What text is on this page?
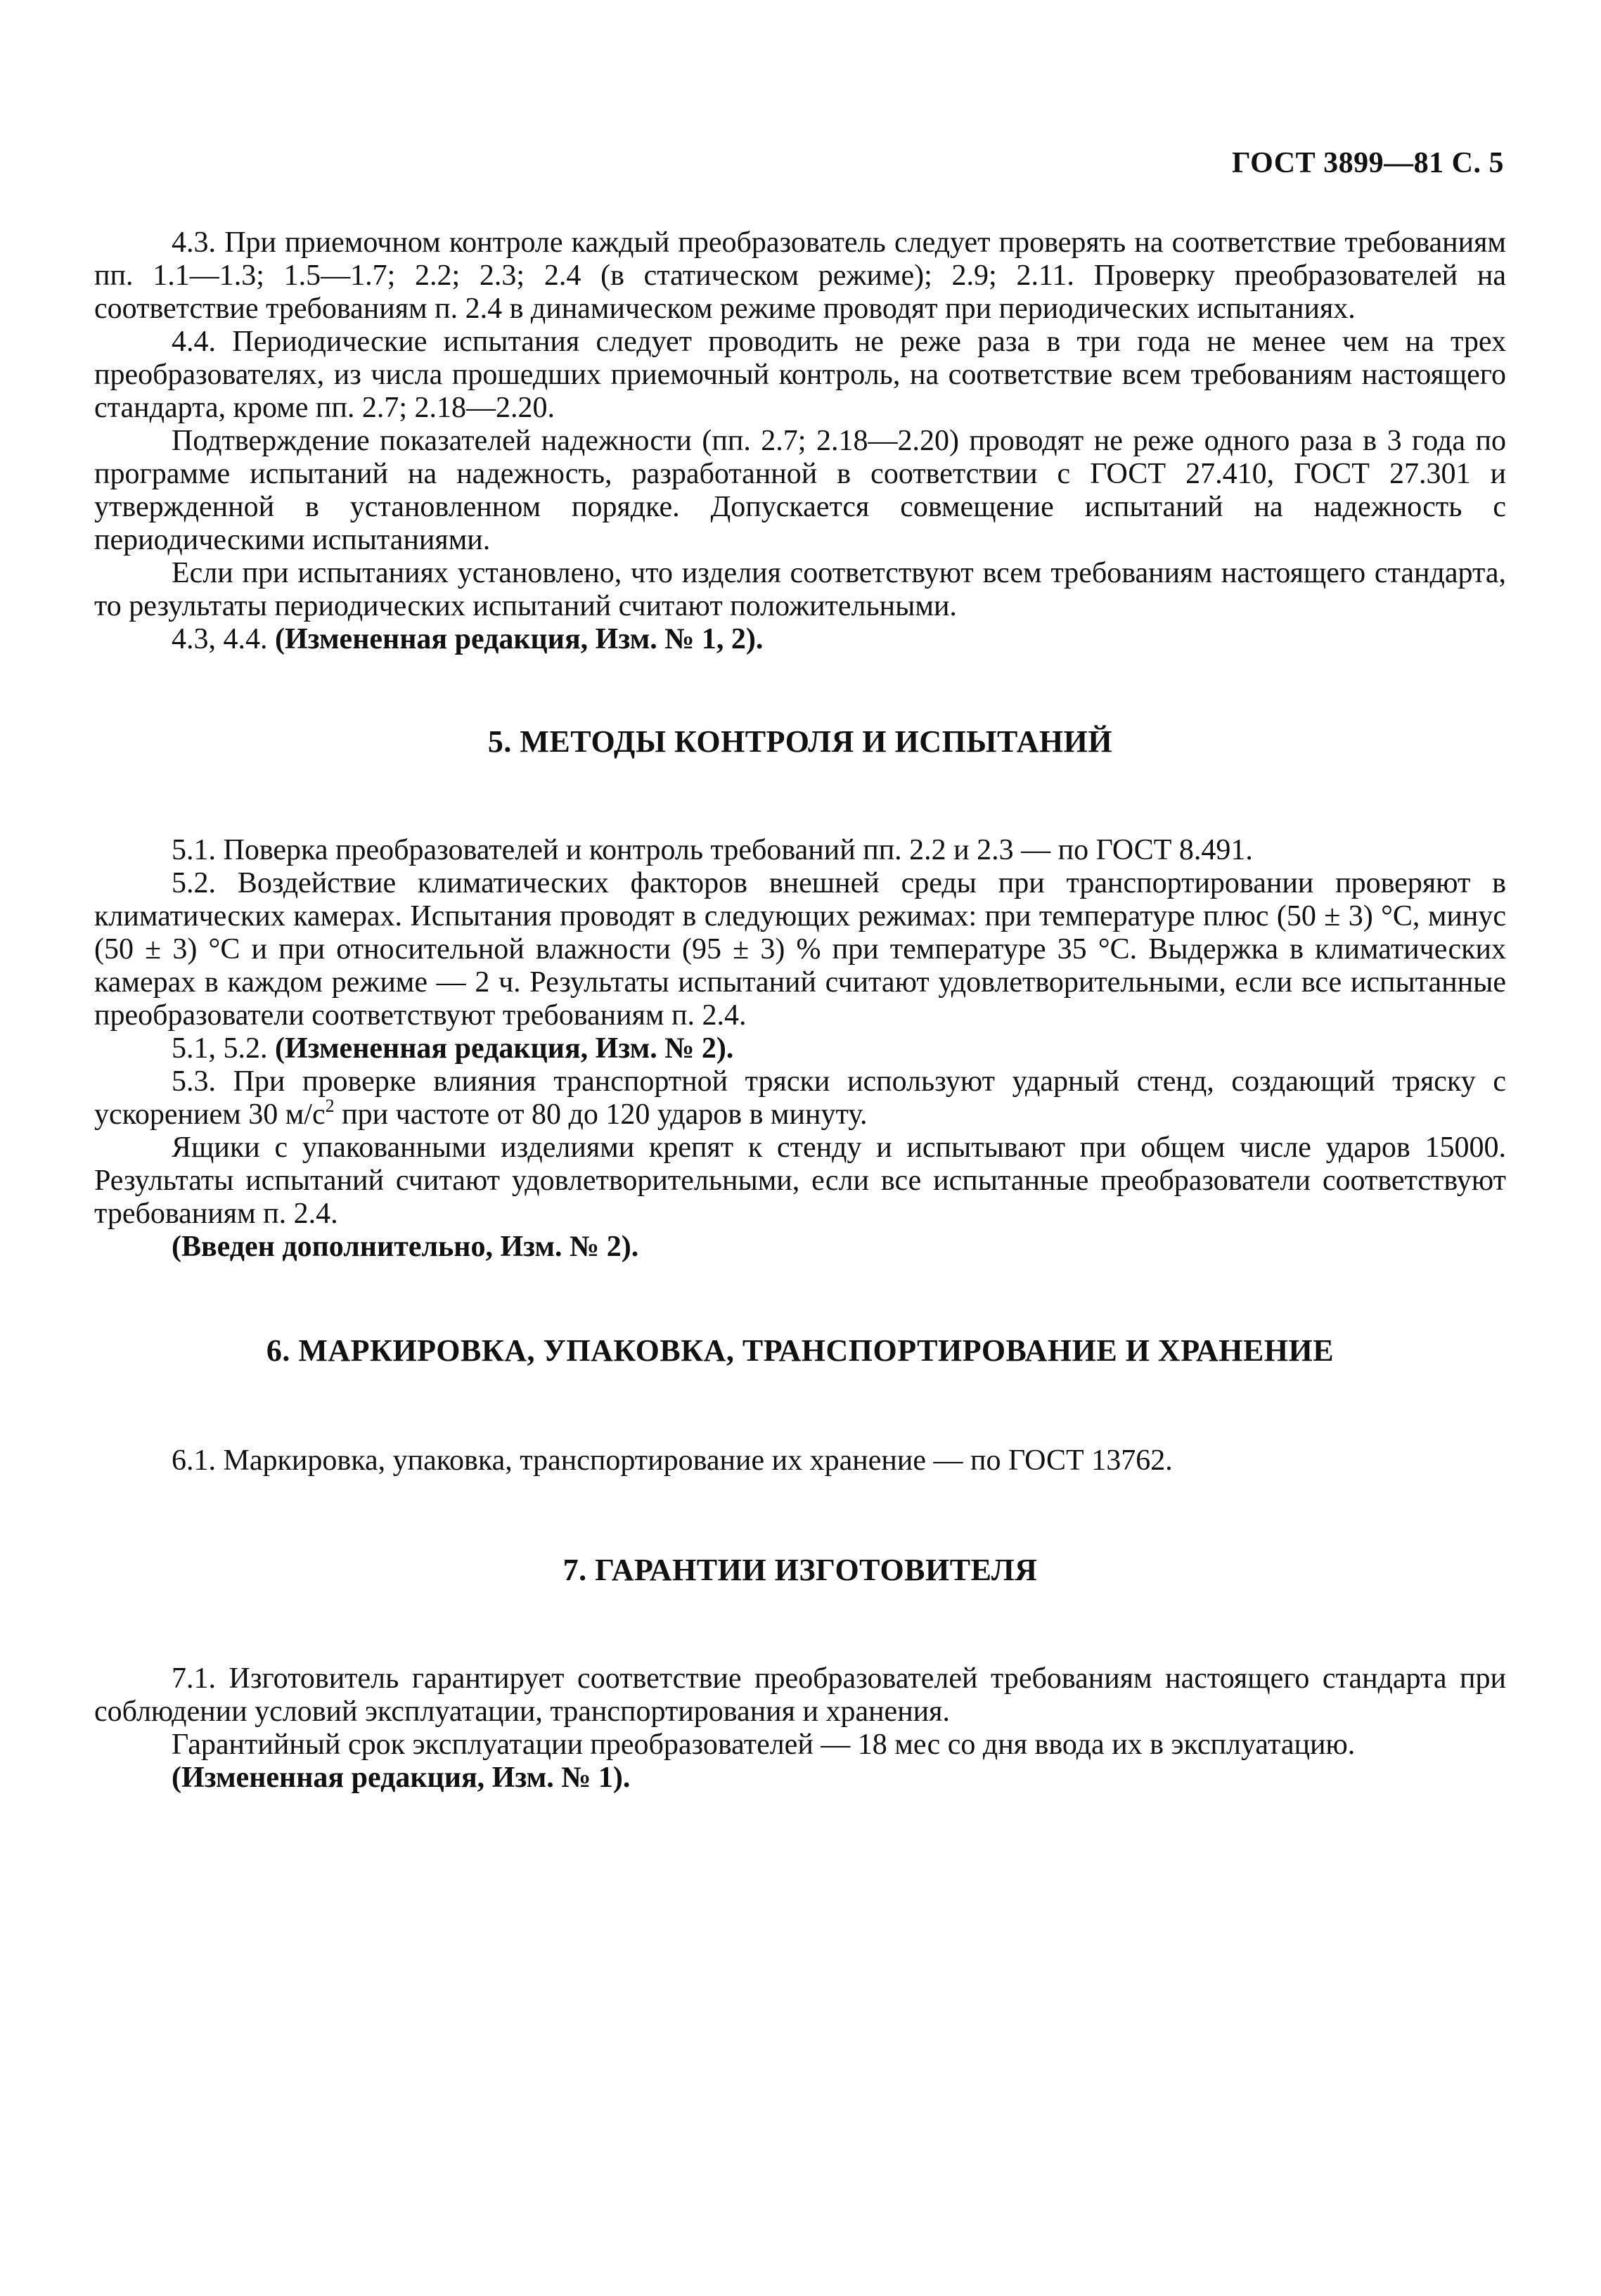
ГОСТ 3899—81 С. 5

4.3. При приемочном контроле каждый преобразователь следует проверять на соответствие требованиям пп. 1.1—1.3; 1.5—1.7; 2.2; 2.3; 2.4 (в статическом режиме); 2.9; 2.11. Проверку преобразователей на соответствие требованиям п. 2.4 в динамическом режиме проводят при периодических испытаниях.

4.4. Периодические испытания следует проводить не реже раза в три года не менее чем на трех преобразователях, из числа прошедших приемочный контроль, на соответствие всем требованиям настоящего стандарта, кроме пп. 2.7; 2.18—2.20.

Подтверждение показателей надежности (пп. 2.7; 2.18—2.20) проводят не реже одного раза в 3 года по программе испытаний на надежность, разработанной в соответствии с ГОСТ 27.410, ГОСТ 27.301 и утвержденной в установленном порядке. Допускается совмещение испытаний на надежность с периодическими испытаниями.

Если при испытаниях установлено, что изделия соответствуют всем требованиям настоящего стандарта, то результаты периодических испытаний считают положительными.

4.3, 4.4. (Измененная редакция, Изм. № 1, 2).

5. МЕТОДЫ КОНТРОЛЯ И ИСПЫТАНИЙ

5.1. Поверка преобразователей и контроль требований пп. 2.2 и 2.3 — по ГОСТ 8.491.

5.2. Воздействие климатических факторов внешней среды при транспортировании проверяют в климатических камерах. Испытания проводят в следующих режимах: при температуре плюс (50 ± 3) °С, минус (50 ± 3) °С и при относительной влажности (95 ± 3) % при температуре 35 °С. Выдержка в климатических камерах в каждом режиме — 2 ч. Результаты испытаний считают удовлетворительными, если все испытанные преобразователи соответствуют требованиям п. 2.4.

5.1, 5.2. (Измененная редакция, Изм. № 2).

5.3. При проверке влияния транспортной тряски используют ударный стенд, создающий тряску с ускорением 30 $м/с^2$ при частоте от 80 до 120 ударов в минуту.

Ящики с упакованными изделиями крепят к стенду и испытывают при общем числе ударов 15000. Результаты испытаний считают удовлетворительными, если все испытанные преобразователи соответствуют требованиям п. 2.4.

(Введен дополнительно, Изм. № 2).

6. МАРКИРОВКА, УПАКОВКА, ТРАНСПОРТИРОВАНИЕ И ХРАНЕНИЕ

6.1. Маркировка, упаковка, транспортирование их хранение — по ГОСТ 13762.

7. ГАРАНТИИ ИЗГОТОВИТЕЛЯ

7.1. Изготовитель гарантирует соответствие преобразователей требованиям настоящего стандарта при соблюдении условий эксплуатации, транспортирования и хранения.

Гарантийный срок эксплуатации преобразователей — 18 мес со дня ввода их в эксплуатацию.

(Измененная редакция, Изм. № 1).
